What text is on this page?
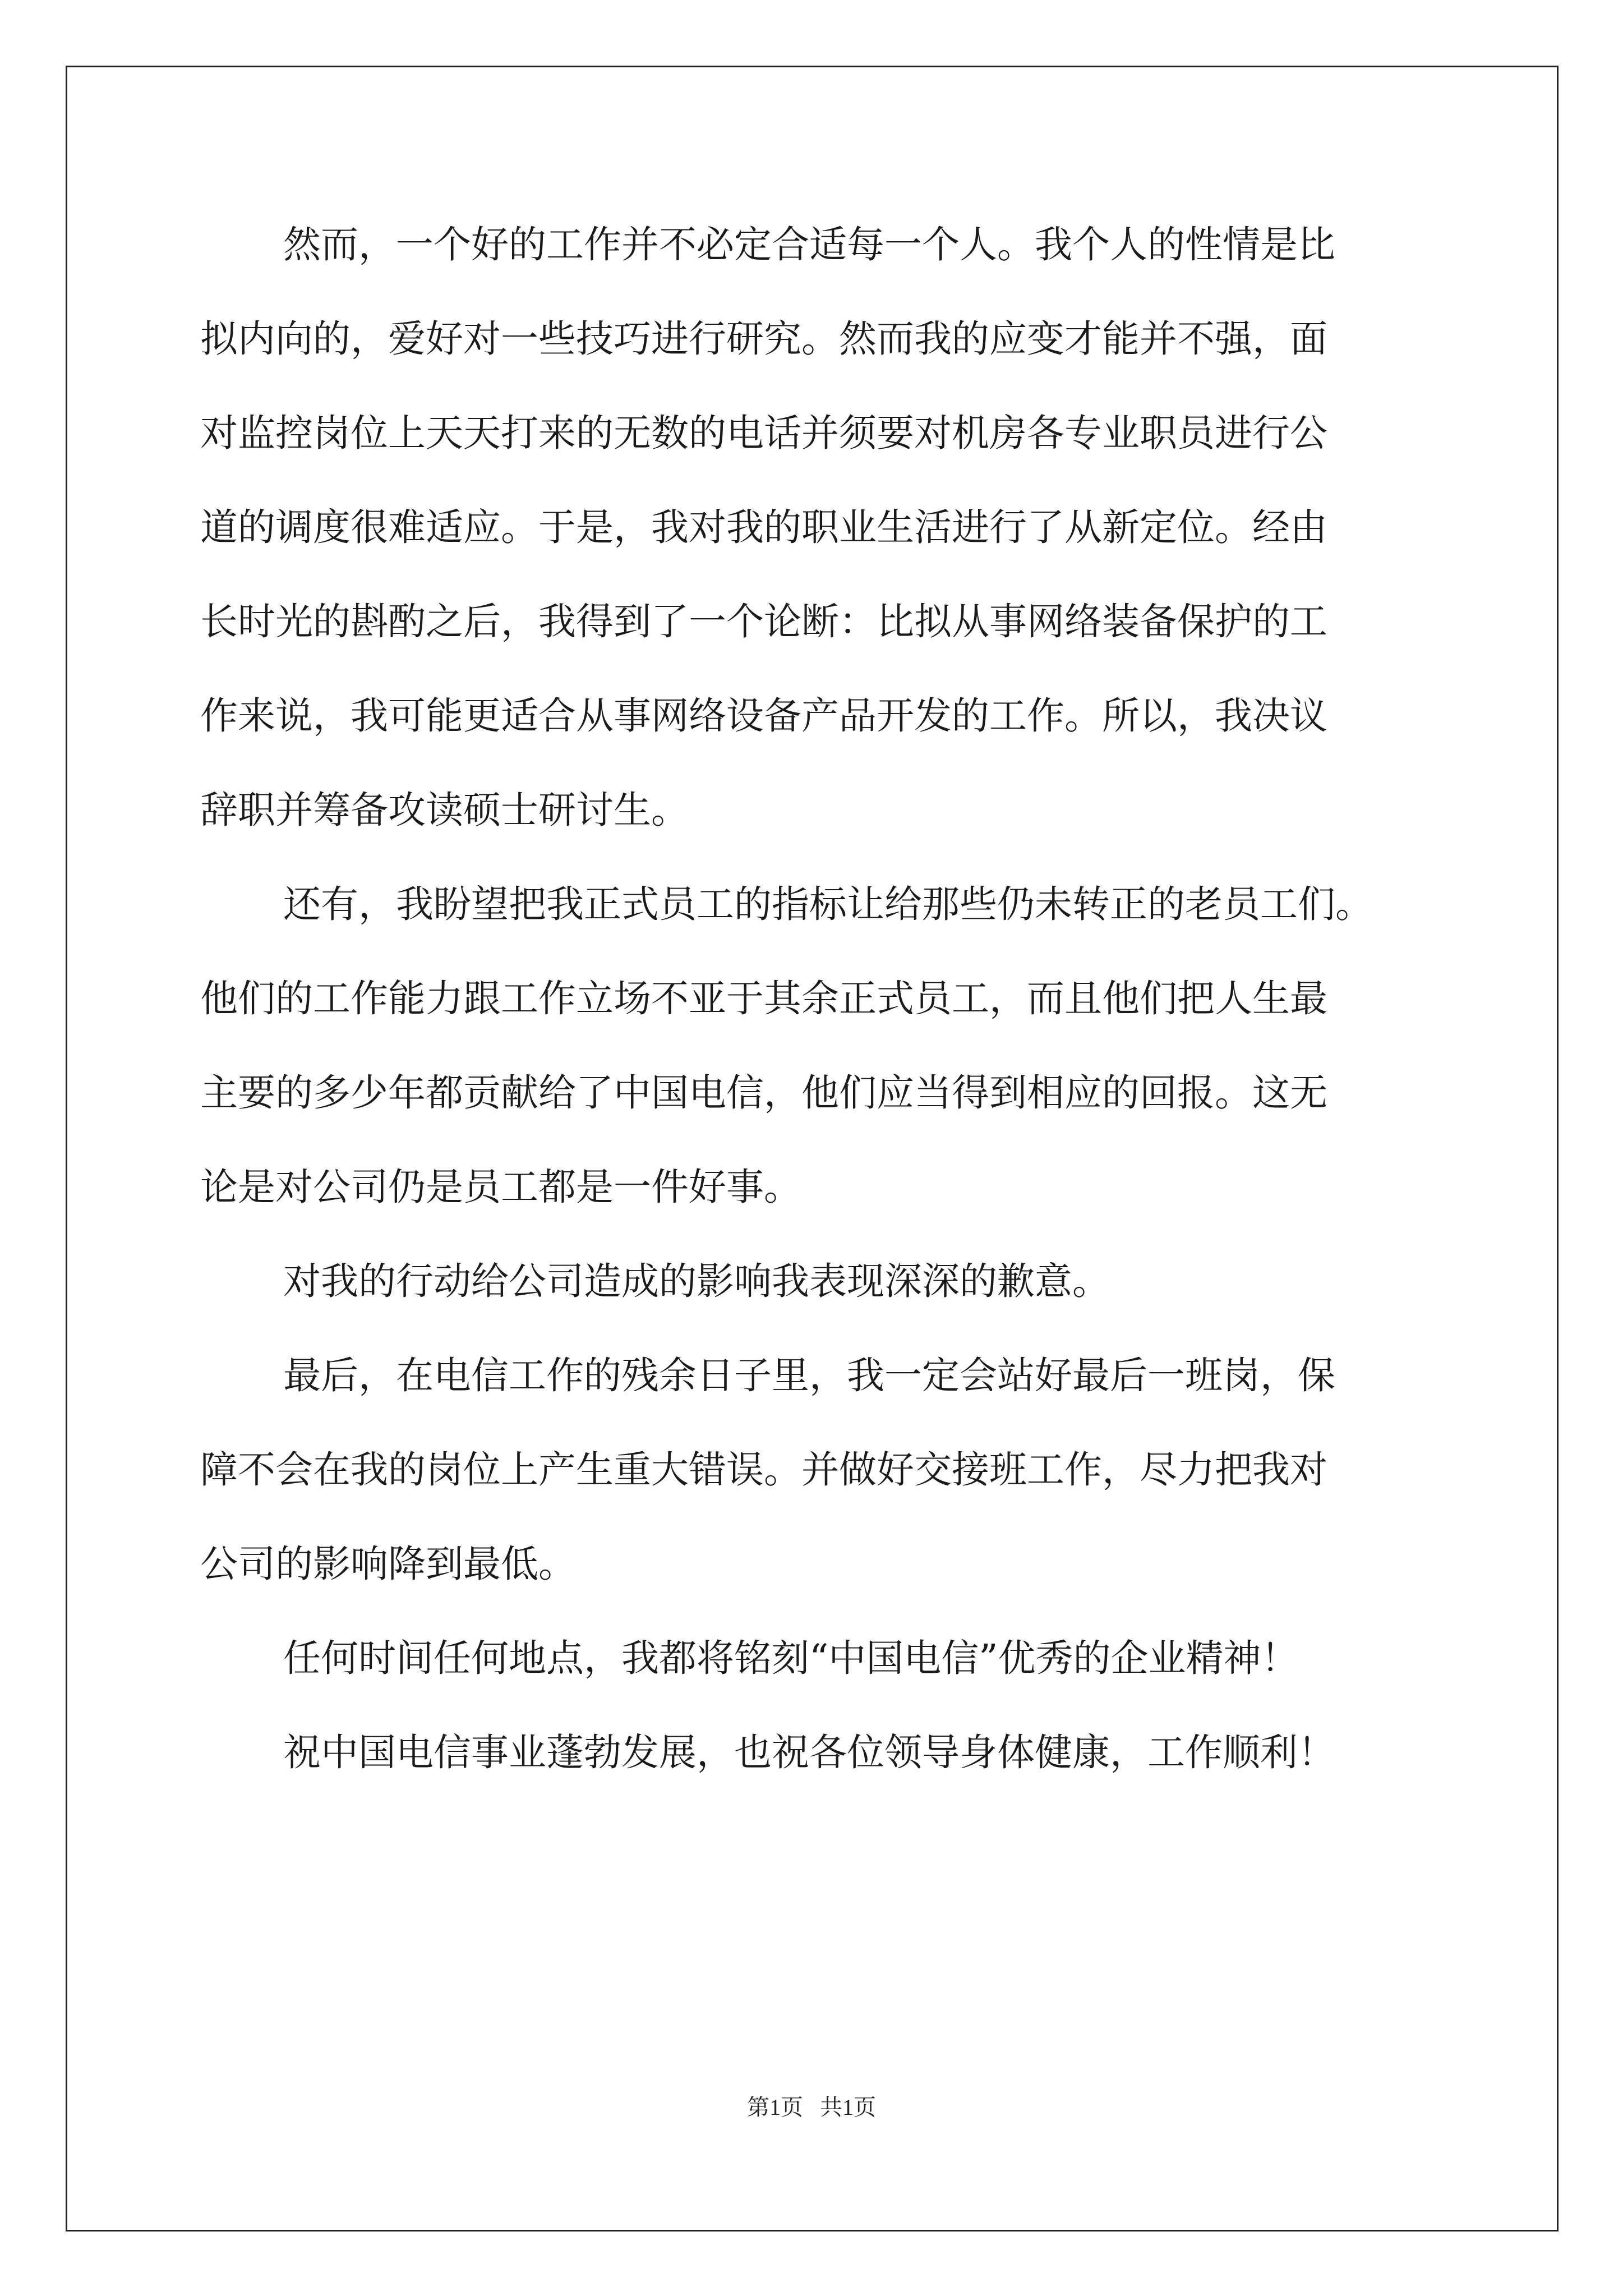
然而，一个好的工作并不必定合适每一个人。我个人的性情是比
拟内向的，爱好对一些技巧进行研究。然而我的应变才能并不强，面
对监控岗位上天天打来的无数的电话并须要对机房各专业职员进行公
道的调度很难适应。于是，我对我的职业生活进行了从新定位。经由
长时光的斟酌之后，我得到了一个论断：比拟从事网络装备保护的工
作来说，我可能更适合从事网络设备产品开发的工作。所以，我决议
辞职并筹备攻读硕士研讨生。

还有，我盼望把我正式员工的指标让给那些仍未转正的老员工们。
他们的工作能力跟工作立场不亚于其余正式员工，而且他们把人生最
主要的多少年都贡献给了中国电信，他们应当得到相应的回报。这无
论是对公司仍是员工都是一件好事。

对我的行动给公司造成的影响我表现深深的歉意。

最后，在电信工作的残余日子里，我一定会站好最后一班岗，保
障不会在我的岗位上产生重大错误。并做好交接班工作，尽力把我对
公司的影响降到最低。

任何时间任何地点，我都将铭刻“中国电信”优秀的企业精神！

祝中国电信事业蓬勃发展，也祝各位领导身体健康，工作顺利！

第1页 共1页
